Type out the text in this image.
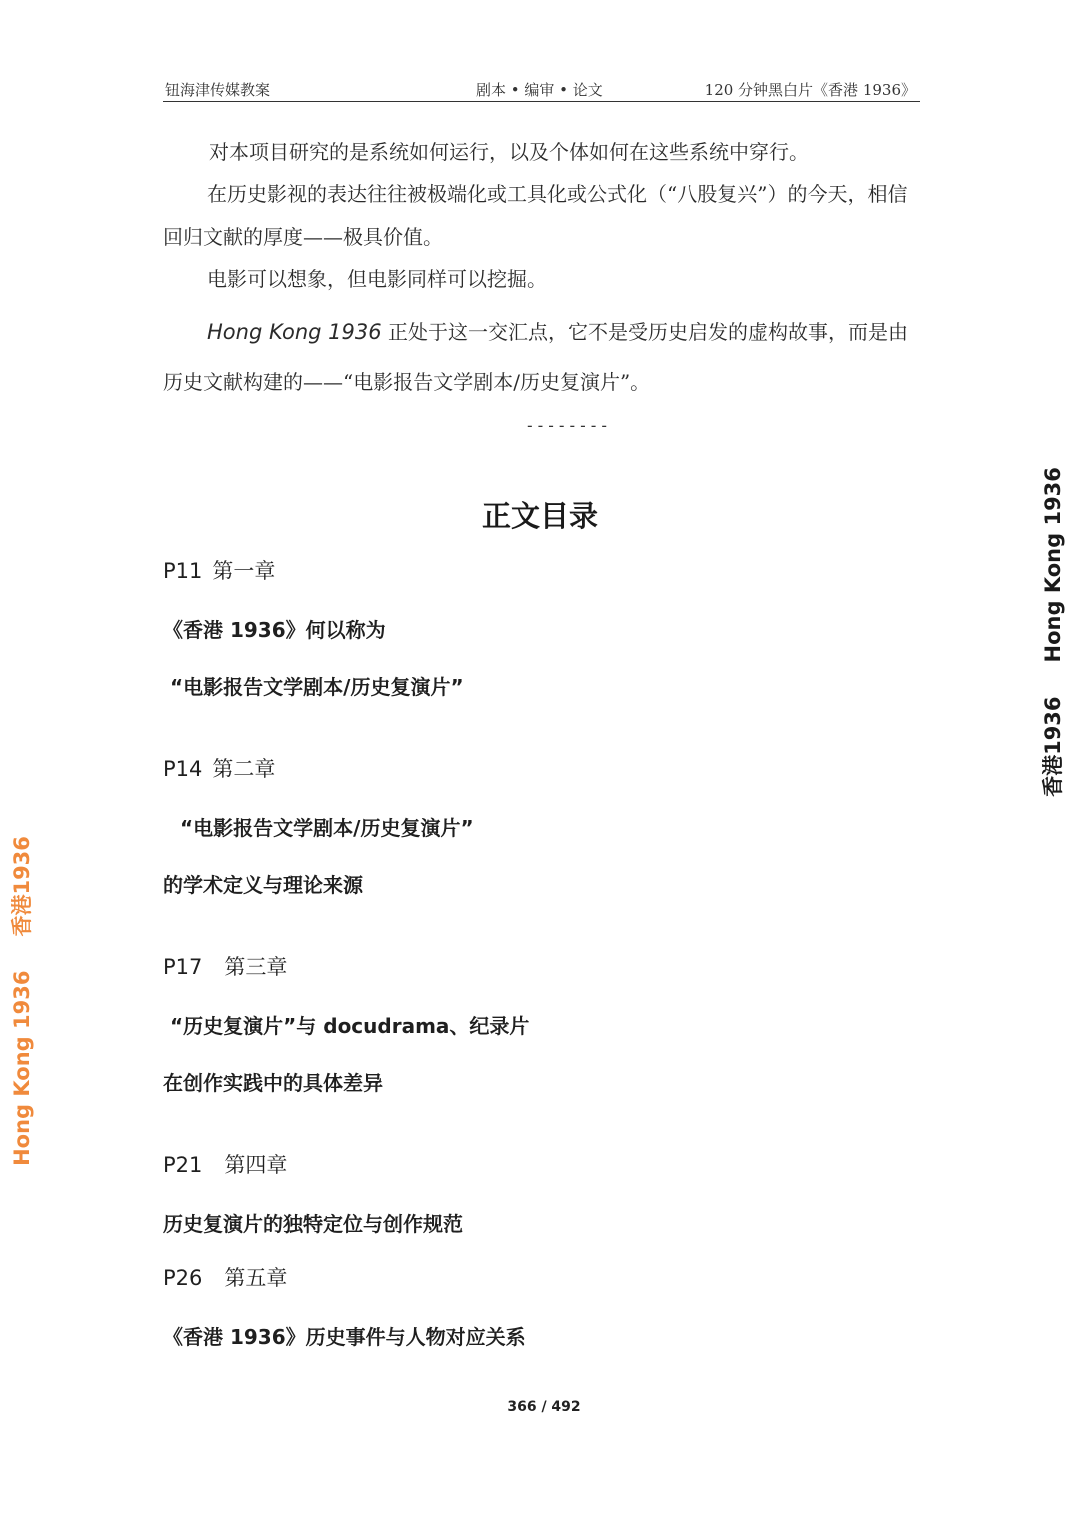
钮海津传媒教案	剧本 • 编审 • 论文	120 分钟黑白片《香港 1936》
对本项目研究的是系统如何运行，以及个体如何在这些系统中穿行。
在历史影视的表达往往被极端化或工具化或公式化（“八股复兴”）的今天，相信回归文献的厚度——极具价值。
电影可以想象，但电影同样可以挖掘。
Hong Kong 1936 正处于这一交汇点，它不是受历史启发的虚构故事，而是由历史文献构建的——“电影报告文学剧本/历史复演片”。
--------
正文目录
P11 第一章
《香港 1936》何以称为
“电影报告文学剧本/历史复演片”
P14 第二章
“电影报告文学剧本/历史复演片”
的学术定义与理论来源
P17 第三章
“历史复演片”与 docudrama、纪录片
在创作实践中的具体差异
P21 第四章
历史复演片的独特定位与创作规范
P26 第五章
《香港 1936》历史事件与人物对应关系
香港1936Hong Kong 1936
Hong Kong 1936香港1936
366 / 492
